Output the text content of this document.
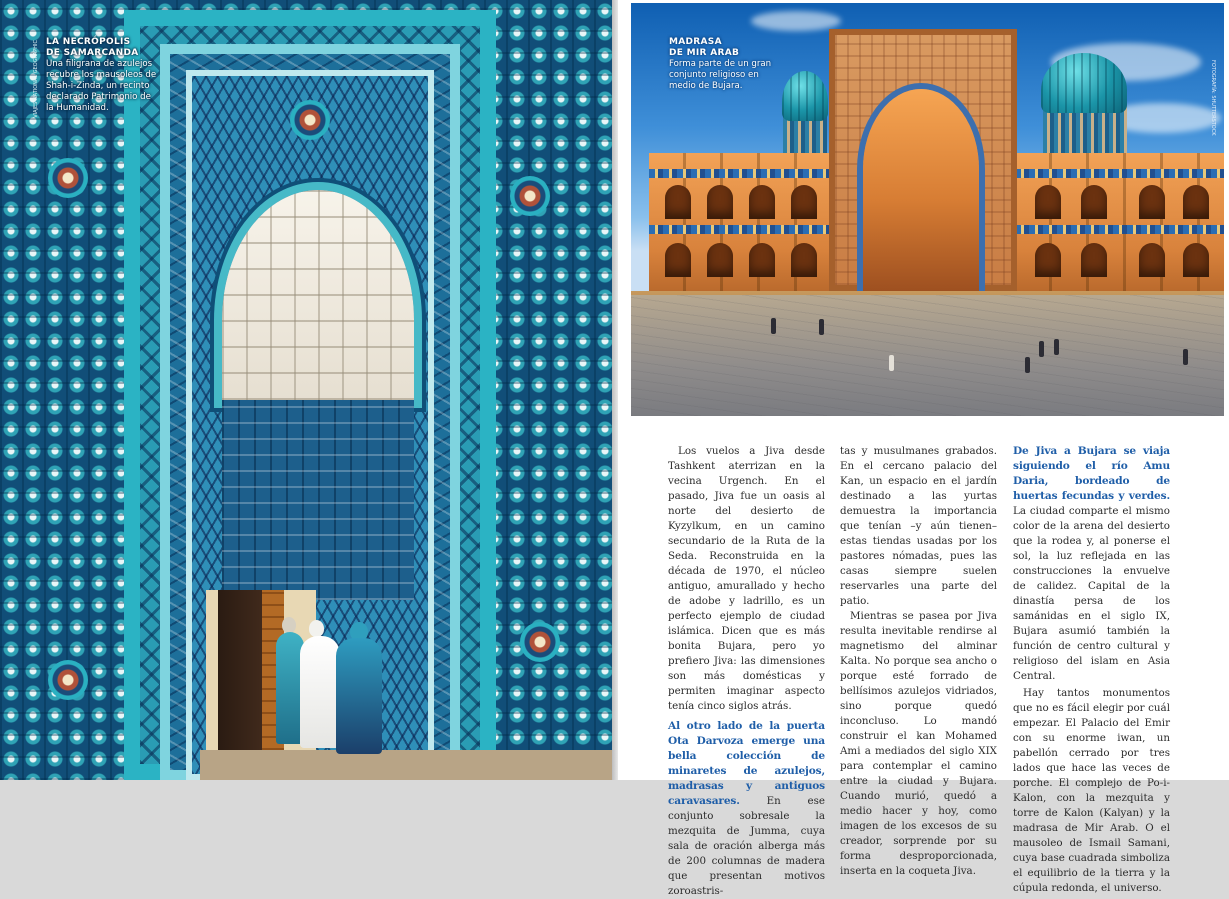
VIAJES NATIONAL GEOGRAPHIC LA NECRÓPOLIS
DE SAMARCANDA
Una filigrana de azulejos recubre los mausoleos de Shah-i-Zinda, un recinto declarado Patrimonio de la Humanidad.
MADRASA
DE MIR ARAB
Forma parte de un gran conjunto religioso en medio de Bujara.	FOTOGRAFÍA: SHUTTERSTOCK

Los vuelos a Jiva desde Tashkent aterrizan en la vecina Urgench. En el pasado, Jiva fue un oasis al norte del desierto de Kyzylkum, en un camino secundario de la Ruta de la Seda. Reconstruida en la década de 1970, el núcleo antiguo, amurallado y hecho de adobe y ladrillo, es un perfecto ejemplo de ciudad islámica. Dicen que es más bonita Bujara, pero yo prefiero Jiva: las dimensiones son más domésticas y permiten imaginar aspecto tenía cinco siglos atrás.

Al otro lado de la puerta Ota Darvoza emerge una bella colección de minaretes de azulejos, madrasas y antiguos caravasares.	En ese conjunto sobresale la mezquita de Jumma, cuya sala de oración alberga más de 200 columnas de madera que presentan motivos zoroastris-

tas y musulmanes grabados. En el cercano palacio del Kan, un espacio en el jardín destinado a las yurtas demuestra la importancia que tenían –y aún tienen– estas tiendas usadas por los pastores nómadas, pues las casas siempre suelen reservarles una parte del patio.

Mientras se pasea por Jiva resulta inevitable rendirse al magnetismo del alminar Kalta. No porque sea ancho o porque esté forrado de bellísimos azulejos vidriados, sino porque quedó inconcluso. Lo mandó construir el kan Mohamed Ami a mediados del siglo XIX para contemplar el camino entre la ciudad y Bujara. Cuando murió, quedó a medio hacer y hoy, como imagen de los excesos de su creador, sorprende por su forma desproporcionada, inserta en la coqueta Jiva.

De Jiva a Bujara se viaja siguiendo el río Amu Daria, bordeado de huertas fecundas y verdes. La ciudad comparte el mismo color de la arena del desierto que la rodea y, al ponerse el sol, la luz reflejada en las construcciones la envuelve de calidez. Capital de la dinastía persa de los samánidas en el siglo IX, Bujara asumió también la función de centro cultural y religioso del islam en Asia Central.

Hay tantos monumentos que no es fácil elegir por cuál empezar. El Palacio del Emir con su enorme iwan, un pabellón cerrado por tres lados que hace las veces de porche. El complejo de Po-i-Kalon, con la mezquita y torre de Kalon (Kalyan) y la madrasa de Mir Arab. O el mausoleo de Ismail Samani, cuya base cuadrada simboliza el equilibrio de la tierra y la cúpula redonda, el universo.
